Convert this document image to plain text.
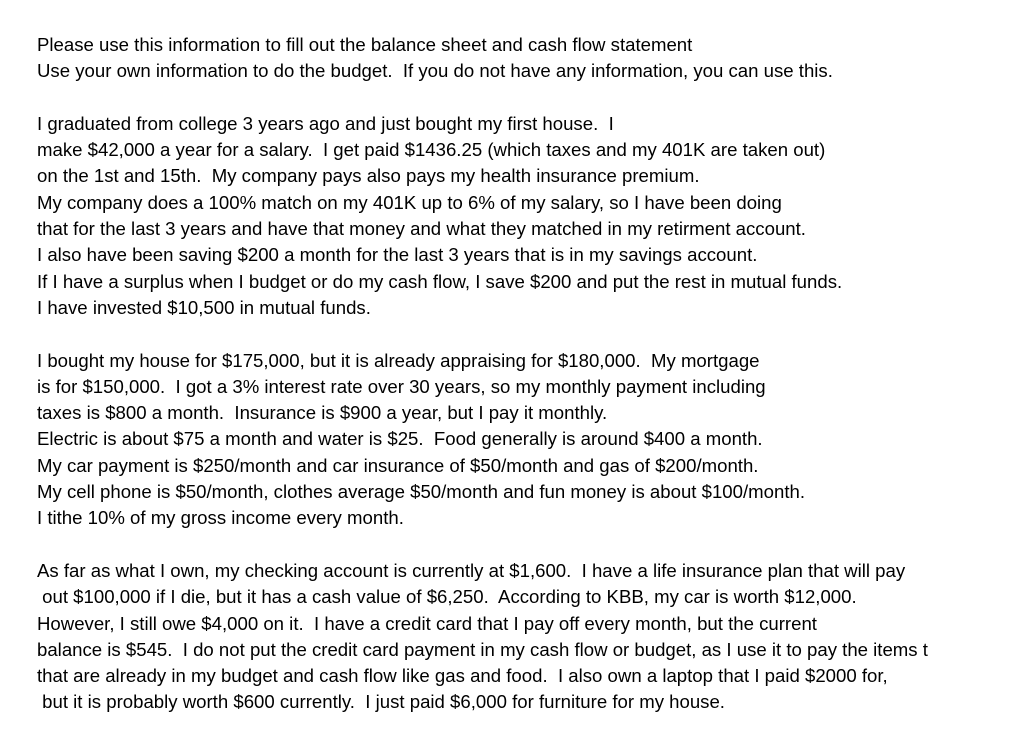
Please use this information to fill out the balance sheet and cash flow statement
Use your own information to do the budget.  If you do not have any information, you can use this.
I graduated from college 3 years ago and just bought my first house.  I
make $42,000 a year for a salary.  I get paid $1436.25 (which taxes and my 401K are taken out)
on the 1st and 15th.  My company pays also pays my health insurance premium.
My company does a 100% match on my 401K up to 6% of my salary, so I have been doing
that for the last 3 years and have that money and what they matched in my retirment account.
I also have been saving $200 a month for the last 3 years that is in my savings account.
If I have a surplus when I budget or do my cash flow, I save $200 and put the rest in mutual funds.
I have invested $10,500 in mutual funds.
I bought my house for $175,000, but it is already appraising for $180,000.  My mortgage
is for $150,000.  I got a 3% interest rate over 30 years, so my monthly payment including
taxes is $800 a month.  Insurance is $900 a year, but I pay it monthly.
Electric is about $75 a month and water is $25.  Food generally is around $400 a month.
My car payment is $250/month and car insurance of $50/month and gas of $200/month.
My cell phone is $50/month, clothes average $50/month and fun money is about $100/month.
I tithe 10% of my gross income every month.
As far as what I own, my checking account is currently at $1,600.  I have a life insurance plan that will pay
out $100,000 if I die, but it has a cash value of $6,250.  According to KBB, my car is worth $12,000.
However, I still owe $4,000 on it.  I have a credit card that I pay off every month, but the current
balance is $545.  I do not put the credit card payment in my cash flow or budget, as I use it to pay the items t
that are already in my budget and cash flow like gas and food.  I also own a laptop that I paid $2000 for,
but it is probably worth $600 currently.  I just paid $6,000 for furniture for my house.
